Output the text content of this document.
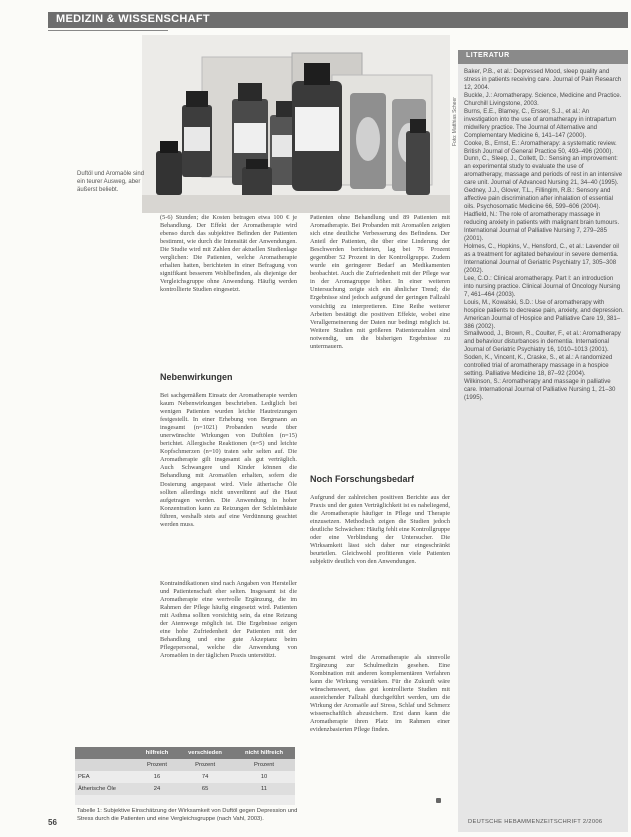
MEDIZIN & WISSENSCHAFT
Foto: Matthias Scheer
Duftöl und Aromaöle sind ein teurer Ausweg, aber äußerst beliebt.

(5-6) Stunden; die Kosten betragen etwa 100 € je Behandlung. Der Effekt der Aromatherapie wird ebenso durch das subjektive Befinden der Patienten bestimmt, wie durch die Intensität der Anwendungen. Die Studie wird mit Zahlen der aktuellen Studienlage verglichen: Die Patienten, welche Aromatherapie erhalten hatten, berichteten in einer Befragung von signifikant besserem Wohlbefinden, als diejenige der Vergleichsgruppe ohne Anwendung. Häufig werden kontrollierte Studien eingesetzt.

Nebenwirkungen

Bei sachgemäßem Einsatz der Aromatherapie werden kaum Nebenwirkungen beschrieben. Lediglich bei wenigen Patienten wurden leichte Hautreizungen festgestellt. In einer Erhebung von Bergmann an insgesamt (n=1021) Probanden wurde über unerwünschte Wirkungen von Duftölen (n=15) berichtet. Allergische Reaktionen (n=5) und leichte Kopfschmerzen (n=10) traten sehr selten auf. Die Aromatherapie gilt insgesamt als gut verträglich. Auch Schwangere und Kinder können die Behandlung mit Aromaölen erhalten, sofern die Dosierung angepasst wird. Viele ätherische Öle sollten allerdings nicht unverdünnt auf die Haut aufgetragen werden. Die Anwendung in hoher Konzentration kann zu Reizungen der Schleimhäute führen, weshalb stets auf eine Verdünnung geachtet werden muss.

Kontraindikationen sind nach Angaben von Hersteller und Patientenschaft eher selten. Insgesamt ist die Aromatherapie eine wertvolle Ergänzung, die im Rahmen der Pflege häufig eingesetzt wird. Patienten mit Asthma sollten vorsichtig sein, da eine Reizung der Atemwege möglich ist. Die Ergebnisse zeigen eine hohe Zufriedenheit der Patienten mit der Behandlung und eine gute Akzeptanz beim Pflegepersonal, welche die Anwendung von Aromaölen in der täglichen Praxis unterstützt.

Patienten ohne Behandlung und 89 Patienten mit Aromatherapie. Bei Probanden mit Aromaölen zeigten sich eine deutliche Verbesserung des Befindens. Der Anteil der Patienten, die über eine Linderung der Beschwerden berichteten, lag bei 76 Prozent gegenüber 52 Prozent in der Kontrollgruppe. Zudem wurde ein geringerer Bedarf an Medikamenten beobachtet. Auch die Zufriedenheit mit der Pflege war in der Aromagruppe höher. In einer weiteren Untersuchung zeigte sich ein ähnlicher Trend; die Ergebnisse sind jedoch aufgrund der geringen Fallzahl vorsichtig zu interpretieren. Eine Reihe weiterer Arbeiten bestätigt die positiven Effekte, wobei eine Verallgemeinerung der Daten nur bedingt möglich ist. Weitere Studien mit größeren Patientenzahlen sind notwendig, um die bisherigen Ergebnisse zu untermauern.

Noch Forschungsbedarf

Aufgrund der zahlreichen positiven Berichte aus der Praxis und der guten Verträglichkeit ist es naheliegend, die Aromatherapie häufiger in Pflege und Therapie einzusetzen. Methodisch zeigen die Studien jedoch deutliche Schwächen: Häufig fehlt eine Kontrollgruppe oder eine Verblindung der Untersucher. Die Wirksamkeit lässt sich daher nur eingeschränkt beurteilen. Gleichwohl profitieren viele Patienten subjektiv deutlich von den Anwendungen.

Insgesamt wird die Aromatherapie als sinnvolle Ergänzung zur Schulmedizin gesehen. Eine Kombination mit anderen komplementären Verfahren kann die Wirkung verstärken. Für die Zukunft wäre wünschenswert, dass gut kontrollierte Studien mit ausreichender Fallzahl durchgeführt werden, um die Wirkung der Aromaöle auf Stress, Schlaf und Schmerz wissenschaftlich abzusichern. Erst dann kann die Aromatherapie ihren Platz im Rahmen einer evidenzbasierten Pflege finden.

LITERATUR

Baker, P.B., et al.: Depressed Mood, sleep quality and stress in patients receiving care. Journal of Pain Research 12, 2004.

Buckle, J.: Aromatherapy. Science, Medicine and Practice. Churchill Livingstone, 2003.

Burns, E.E., Blamey, C., Ersser, S.J., et al.: An investigation into the use of aromatherapy in intrapartum midwifery practice. The Journal of Alternative and Complementary Medicine 6, 141–147 (2000).

Cooke, B., Ernst, E.: Aromatherapy: a systematic review. British Journal of General Practice 50, 493–496 (2000).

Dunn, C., Sleep, J., Collett, D.: Sensing an improvement: an experimental study to evaluate the use of aromatherapy, massage and periods of rest in an intensive care unit. Journal of Advanced Nursing 21, 34–40 (1995).

Gedney, J.J., Glover, T.L., Fillingim, R.B.: Sensory and affective pain discrimination after inhalation of essential oils. Psychosomatic Medicine 66, 599–606 (2004).

Hadfield, N.: The role of aromatherapy massage in reducing anxiety in patients with malignant brain tumours. International Journal of Palliative Nursing 7, 279–285 (2001).

Holmes, C., Hopkins, V., Hensford, C., et al.: Lavender oil as a treatment for agitated behaviour in severe dementia. International Journal of Geriatric Psychiatry 17, 305–308 (2002).

Lee, C.O.: Clinical aromatherapy. Part I: an introduction into nursing practice. Clinical Journal of Oncology Nursing 7, 461–464 (2003).

Louis, M., Kowalski, S.D.: Use of aromatherapy with hospice patients to decrease pain, anxiety, and depression. American Journal of Hospice and Palliative Care 19, 381–386 (2002).

Smallwood, J., Brown, R., Coulter, F., et al.: Aromatherapy and behaviour disturbances in dementia. International Journal of Geriatric Psychiatry 16, 1010–1013 (2001).

Soden, K., Vincent, K., Craske, S., et al.: A randomized controlled trial of aromatherapy massage in a hospice setting. Palliative Medicine 18, 87–92 (2004).

Wilkinson, S.: Aromatherapy and massage in palliative care. International Journal of Palliative Nursing 1, 21–30 (1995).

	hilfreich	verschieden	nicht hilfreich
	Prozent	Prozent	Prozent
PEA	16	74	10
Ätherische Öle	24	65	11
Tabelle 1: Subjektive Einschätzung der Wirksamkeit von Duftöl gegen Depression und Stress durch die Patienten und eine Vergleichsgruppe (nach Vahl, 2003).
56	DEUTSCHE HEBAMMENZEITSCHRIFT 2/2006
